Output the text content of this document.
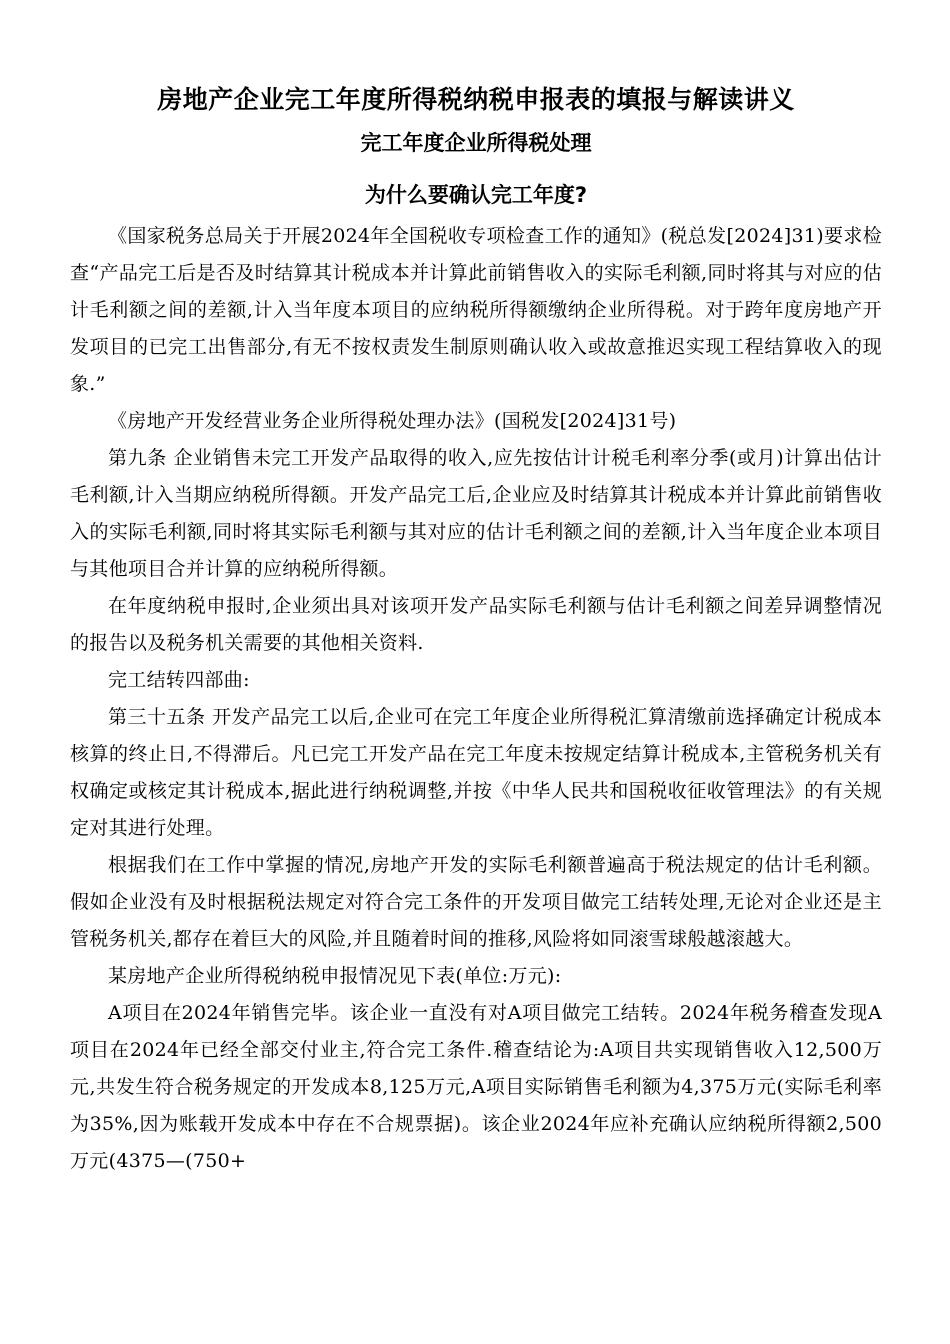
房地产企业完工年度所得税纳税申报表的填报与解读讲义
完工年度企业所得税处理
为什么要确认完工年度?

《国家税务总局关于开展2024年全国税收专项检查工作的通知》(税总发[2024]31)要求检查“产品完工后是否及时结算其计税成本并计算此前销售收入的实际毛利额,同时将其与对应的估计毛利额之间的差额,计入当年度本项目的应纳税所得额缴纳企业所得税。对于跨年度房地产开发项目的已完工出售部分,有无不按权责发生制原则确认收入或故意推迟实现工程结算收入的现象.”

《房地产开发经营业务企业所得税处理办法》(国税发[2024]31号)

第九条 企业销售未完工开发产品取得的收入,应先按估计计税毛利率分季(或月)计算出估计毛利额,计入当期应纳税所得额。开发产品完工后,企业应及时结算其计税成本并计算此前销售收入的实际毛利额,同时将其实际毛利额与其对应的估计毛利额之间的差额,计入当年度企业本项目与其他项目合并计算的应纳税所得额。

在年度纳税申报时,企业须出具对该项开发产品实际毛利额与估计毛利额之间差异调整情况的报告以及税务机关需要的其他相关资料.

完工结转四部曲:

第三十五条 开发产品完工以后,企业可在完工年度企业所得税汇算清缴前选择确定计税成本核算的终止日,不得滞后。凡已完工开发产品在完工年度未按规定结算计税成本,主管税务机关有权确定或核定其计税成本,据此进行纳税调整,并按《中华人民共和国税收征收管理法》的有关规定对其进行处理。

根据我们在工作中掌握的情况,房地产开发的实际毛利额普遍高于税法规定的估计毛利额。假如企业没有及时根据税法规定对符合完工条件的开发项目做完工结转处理,无论对企业还是主管税务机关,都存在着巨大的风险,并且随着时间的推移,风险将如同滚雪球般越滚越大。

某房地产企业所得税纳税申报情况见下表(单位:万元):

A项目在2024年销售完毕。该企业一直没有对A项目做完工结转。2024年税务稽查发现A项目在2024年已经全部交付业主,符合完工条件.稽查结论为:A项目共实现销售收入12,500万元,共发生符合税务规定的开发成本8,125万元,A项目实际销售毛利额为4,375万元(实际毛利率为35%,因为账载开发成本中存在不合规票据)。该企业2024年应补充确认应纳税所得额2,500万元(4375—(750+
